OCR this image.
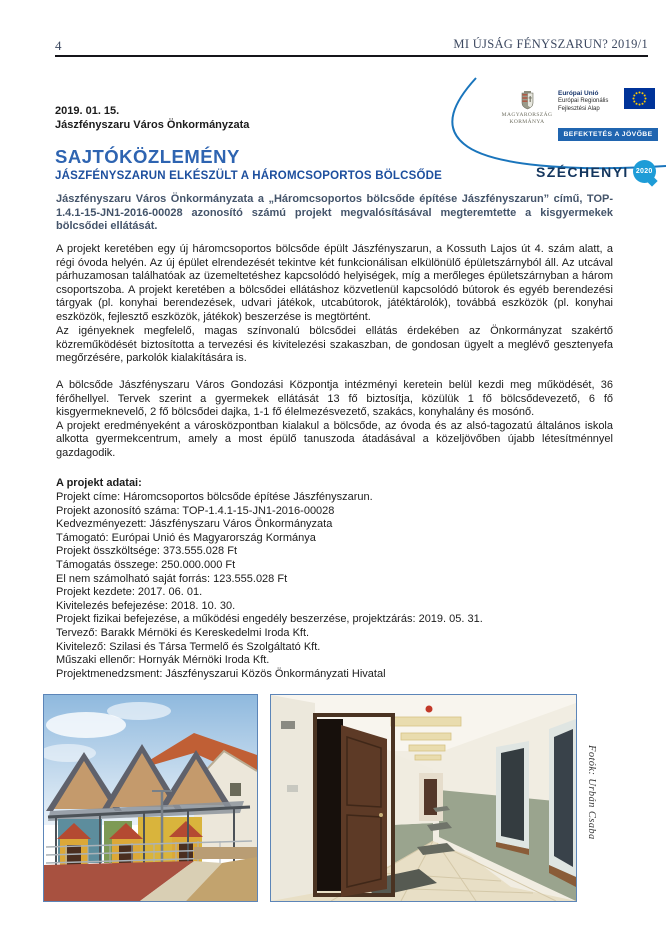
4	MI ÚJSÁG FÉNYSZARUN? 2019/1
2019. 01. 15.
Jászfényszaru Város Önkormányzata
MAGYARORSZÁG
KORMÁNYA
Európai Unió
Európai Regionális
Fejlesztési Alap
BEFEKTETÉS A JÖVŐBE
SZÉCHENYI 2020
SAJTÓKÖZLEMÉNY
JÁSZFÉNYSZARUN ELKÉSZÜLT A HÁROMCSOPORTOS BÖLCSŐDE

Jászfényszaru Város Önkormányzata a „Háromcsoportos bölcsőde építése Jászfényszarun” című, TOP-1.4.1-15-JN1-2016-00028 azonosító számú projekt megvalósításával megteremtette a kisgyermekek bölcsődei ellátását.

A projekt keretében egy új háromcsoportos bölcsőde épült Jászfényszarun, a Kossuth Lajos út 4. szám alatt, a régi óvoda helyén. Az új épület elrendezését tekintve két funkcionálisan elkülönülő épületszárnyból áll. Az utcával párhuzamosan találhatóak az üzemeltetéshez kapcsolódó helyiségek, míg a merőleges épületszárnyban a három csoportszoba. A projekt keretében a bölcsődei ellátáshoz közvetlenül kapcsolódó bútorok és egyéb berendezési tárgyak (pl. konyhai berendezések, udvari játékok, utcabútorok, játéktárolók), továbbá eszközök (pl. konyhai eszközök, fejlesztő eszközök, játékok) beszerzése is megtörtént.

Az igényeknek megfelelő, magas színvonalú bölcsődei ellátás érdekében az Önkormányzat szakértő közreműködését biztosította a tervezési és kivitelezési szakaszban, de gondosan ügyelt a meglévő gesztenyefa megőrzésére, parkolók kialakítására is.

A bölcsőde Jászfényszaru Város Gondozási Központja intézményi keretein belül kezdi meg működését, 36 férőhellyel. Tervek szerint a gyermekek ellátását 13 fő biztosítja, közülük 1 fő bölcsődevezető, 6 fő kisgyermeknevelő, 2 fő bölcsődei dajka, 1-1 fő élelmezésvezető, szakács, konyhalány és mosónő.

A projekt eredményeként a városközpontban kialakul a bölcsőde, az óvoda és az alsó-tagozatú általános iskola alkotta gyermekcentrum, amely a most épülő tanuszoda átadásával a közeljövőben újabb létesítménnyel gazdagodik.

A projekt adatai:
Projekt címe: Háromcsoportos bölcsőde építése Jászfényszarun.
Projekt azonosító száma: TOP-1.4.1-15-JN1-2016-00028
Kedvezményezett: Jászfényszaru Város Önkormányzata
Támogató: Európai Unió és Magyarország Kormánya
Projekt összköltsége: 373.555.028 Ft
Támogatás összege: 250.000.000 Ft
El nem számolható saját forrás: 123.555.028 Ft
Projekt kezdete: 2017. 06. 01.
Kivitelezés befejezése: 2018. 10. 30.
Projekt fizikai befejezése, a működési engedély beszerzése, projektzárás: 2019. 05. 31.
Tervező: Barakk Mérnöki és Kereskedelmi Iroda Kft.
Kivitelező: Szilasi és Társa Termelő és Szolgáltató Kft.
Műszaki ellenőr: Hornyák Mérnöki Iroda Kft.
Projektmenedzsment: Jászfényszarui Közös Önkormányzati Hivatal
Fotók: Urbán Csaba
